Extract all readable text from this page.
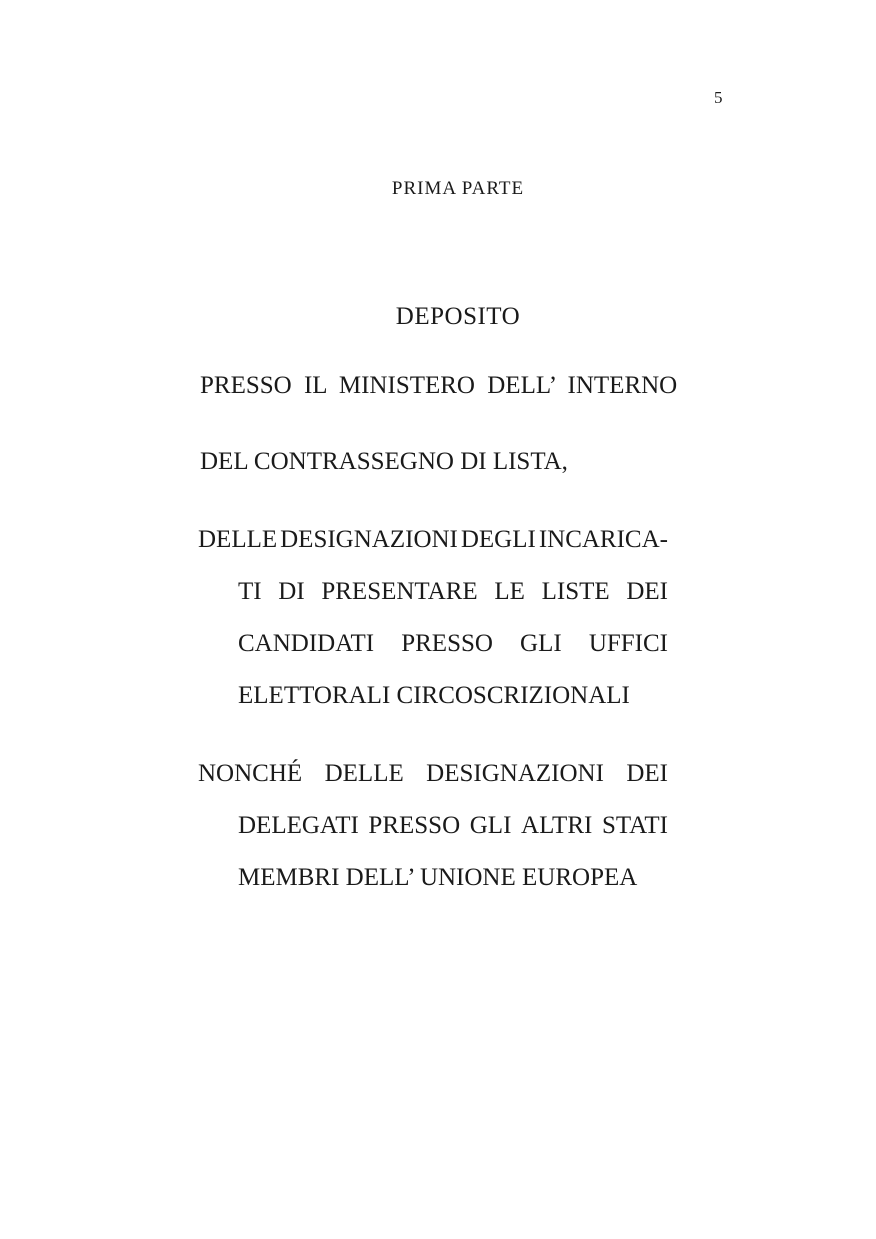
5
PRIMA PARTE
DEPOSITO
PRESSO IL MINISTERO DELL’ INTERNO
DEL CONTRASSEGNO DI LISTA,
DELLE DESIGNAZIONI DEGLI INCARICA-
TI DI PRESENTARE LE LISTE DEI
CANDIDATI PRESSO GLI UFFICI
ELETTORALI CIRCOSCRIZIONALI
NONCHÉ DELLE DESIGNAZIONI DEI
DELEGATI PRESSO GLI ALTRI STATI
MEMBRI DELL’ UNIONE EUROPEA
